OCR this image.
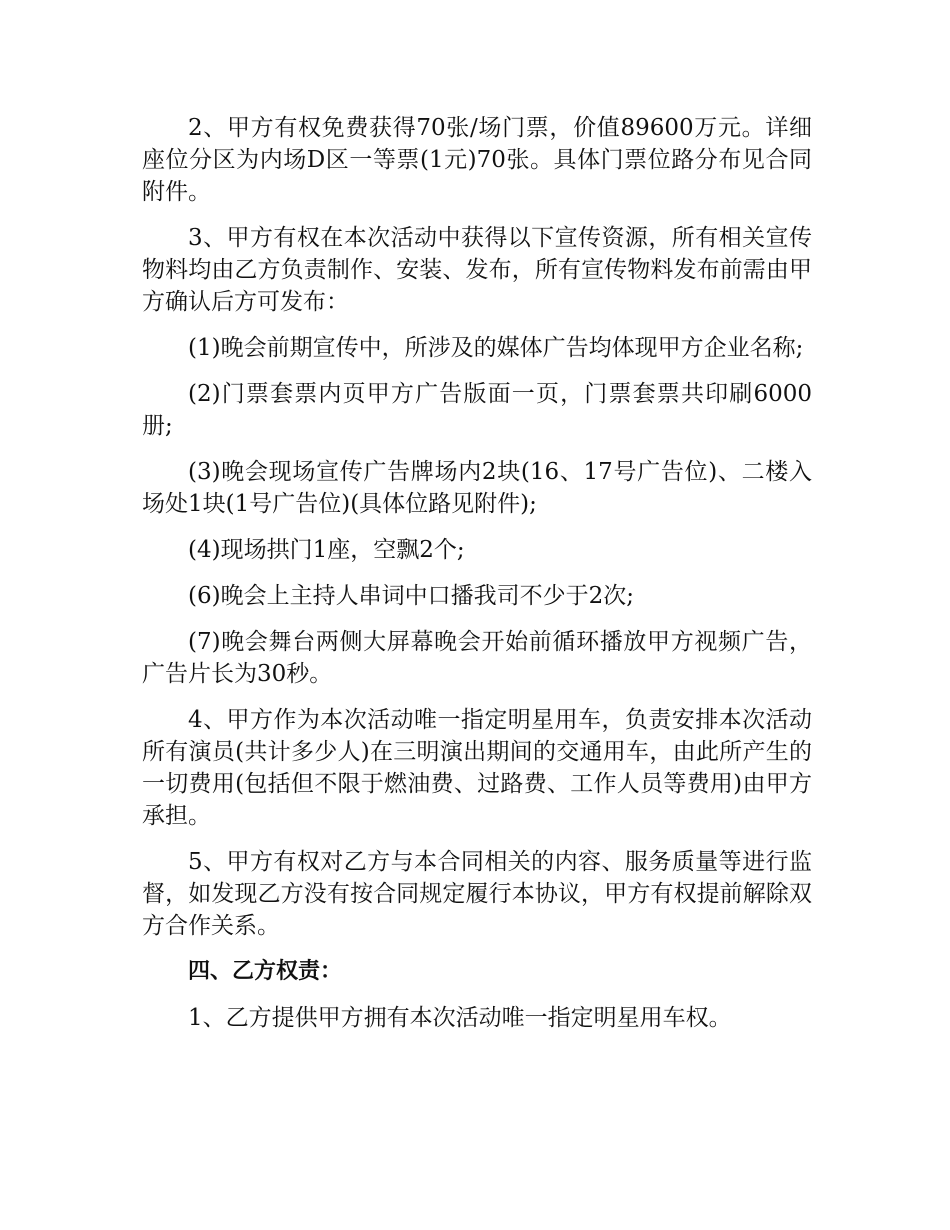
2、甲方有权免费获得70张/场门票，价值89600万元。详细座位分区为内场D区一等票(1元)70张。具体门票位路分布见合同附件。

3、甲方有权在本次活动中获得以下宣传资源，所有相关宣传物料均由乙方负责制作、安装、发布，所有宣传物料发布前需由甲方确认后方可发布：

(1)晚会前期宣传中，所涉及的媒体广告均体现甲方企业名称;

(2)门票套票内页甲方广告版面一页，门票套票共印刷6000册;

(3)晚会现场宣传广告牌场内2块(16、17号广告位)、二楼入场处1块(1号广告位)(具体位路见附件);

(4)现场拱门1座，空飘2个;

(6)晚会上主持人串词中口播我司不少于2次;

(7)晚会舞台两侧大屏幕晚会开始前循环播放甲方视频广告，广告片长为30秒。

4、甲方作为本次活动唯一指定明星用车，负责安排本次活动所有演员(共计多少人)在三明演出期间的交通用车，由此所产生的一切费用(包括但不限于燃油费、过路费、工作人员等费用)由甲方承担。

5、甲方有权对乙方与本合同相关的内容、服务质量等进行监督，如发现乙方没有按合同规定履行本协议，甲方有权提前解除双方合作关系。

四、乙方权责：

1、乙方提供甲方拥有本次活动唯一指定明星用车权。
